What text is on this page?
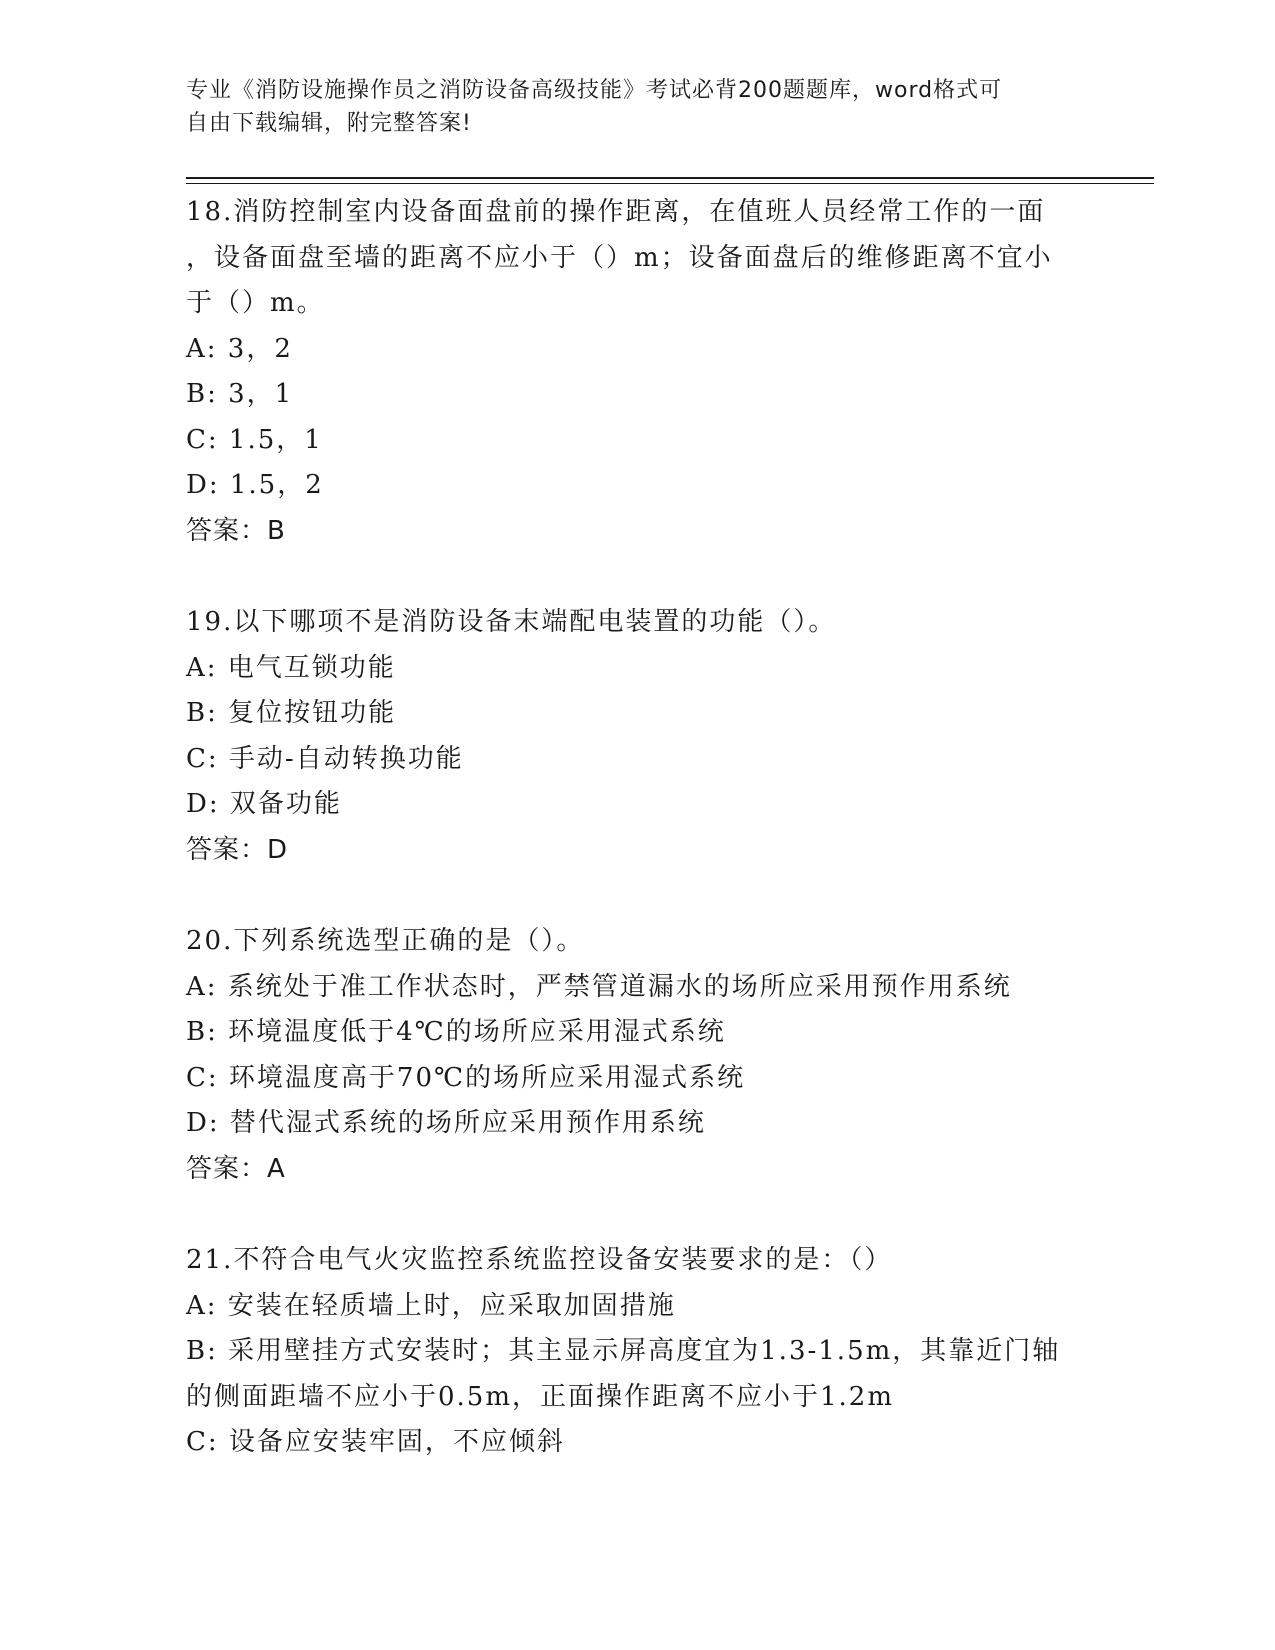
专业《消防设施操作员之消防设备高级技能》考试必背200题题库，word格式可
自由下载编辑，附完整答案!
18.消防控制室内设备面盘前的操作距离，在值班人员经常工作的一面
，设备面盘至墙的距离不应小于（）m；设备面盘后的维修距离不宜小
于（）m。
A: 3，2
B: 3，1
C: 1.5，1
D: 1.5，2
答案：B
19.以下哪项不是消防设备末端配电装置的功能（）。
A: 电气互锁功能
B: 复位按钮功能
C: 手动-自动转换功能
D: 双备功能
答案：D
20.下列系统选型正确的是（）。
A: 系统处于准工作状态时，严禁管道漏水的场所应采用预作用系统
B: 环境温度低于4℃的场所应采用湿式系统
C: 环境温度高于70℃的场所应采用湿式系统
D: 替代湿式系统的场所应采用预作用系统
答案：A
21.不符合电气火灾监控系统监控设备安装要求的是：（）
A: 安装在轻质墙上时，应采取加固措施
B: 采用壁挂方式安装时；其主显示屏高度宜为1.3-1.5m，其靠近门轴
的侧面距墙不应小于0.5m，正面操作距离不应小于1.2m
C: 设备应安装牢固，不应倾斜
